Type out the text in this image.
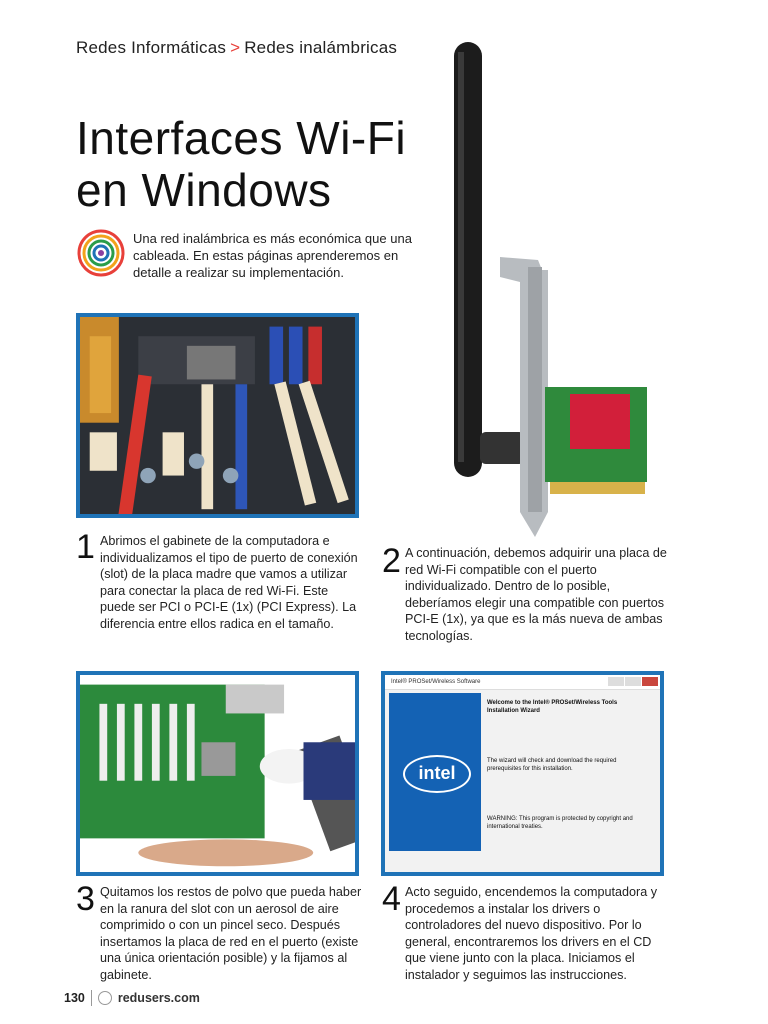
Redes Informáticas > Redes inalámbricas
Interfaces Wi-Fi
en Windows
Una red inalámbrica es más económica que una cableada. En estas páginas aprenderemos en detalle a realizar su implementación.
1 Abrimos el gabinete de la computadora e individualizamos el tipo de puerto de conexión (slot) de la placa madre que vamos a utilizar para conectar la placa de red Wi-Fi. Este puede ser PCI o PCI-E (1x) (PCI Express). La diferencia entre ellos radica en el tamaño.
2 A continuación, debemos adquirir una placa de red Wi-Fi compatible con el puerto individualizado. Dentro de lo posible, deberíamos elegir una compatible con puertos PCI-E (1x), ya que es la más nueva de ambas tecnologías.
Intel® PROSet/Wireless Software
intel
Welcome to the Intel® PROSet/Wireless Tools Installation Wizard

The wizard will check and download the required prerequisites for this installation.

WARNING: This program is protected by copyright and international treaties.

3 Quitamos los restos de polvo que pueda haber en la ranura del slot con un aerosol de aire comprimido o con un pincel seco. Después insertamos la placa de red en el puerto (existe una única orientación posible) y la fijamos al gabinete.
4 Acto seguido, encendemos la computadora y procedemos a instalar los drivers o controladores del nuevo dispositivo. Por lo general, encontraremos los drivers en el CD que viene junto con la placa. Iniciamos el instalador y seguimos las instrucciones.
130	redusers.com
